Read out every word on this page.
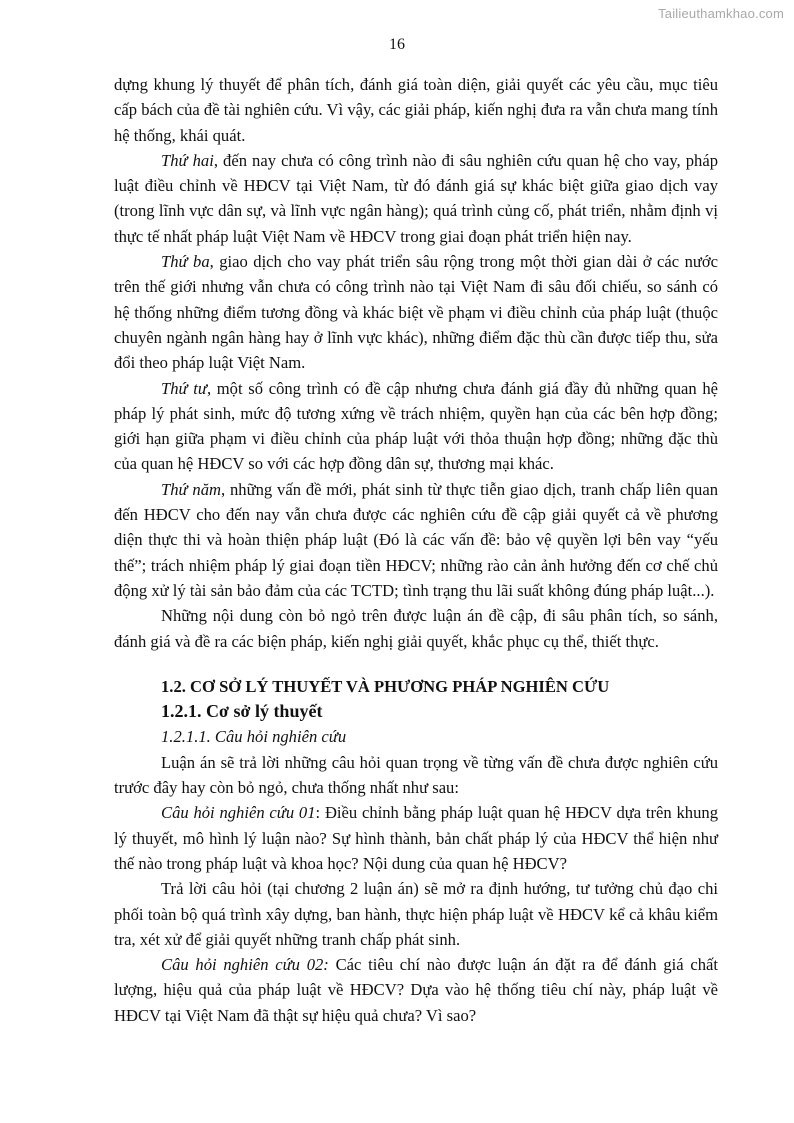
Tailieuthamkhao.com
16

dựng khung lý thuyết để phân tích, đánh giá toàn diện, giải quyết các yêu cầu, mục tiêu cấp bách của đề tài nghiên cứu. Vì vậy, các giải pháp, kiến nghị đưa ra vẫn chưa mang tính hệ thống, khái quát.

Thứ hai, đến nay chưa có công trình nào đi sâu nghiên cứu quan hệ cho vay, pháp luật điều chỉnh về HĐCV tại Việt Nam, từ đó đánh giá sự khác biệt giữa giao dịch vay (trong lĩnh vực dân sự, và lĩnh vực ngân hàng); quá trình củng cố, phát triển, nhằm định vị thực tế nhất pháp luật Việt Nam về HĐCV trong giai đoạn phát triển hiện nay.

Thứ ba, giao dịch cho vay phát triển sâu rộng trong một thời gian dài ở các nước trên thế giới nhưng vẫn chưa có công trình nào tại Việt Nam đi sâu đối chiếu, so sánh có hệ thống những điểm tương đồng và khác biệt về phạm vi điều chỉnh của pháp luật (thuộc chuyên ngành ngân hàng hay ở lĩnh vực khác), những điểm đặc thù cần được tiếp thu, sửa đổi theo pháp luật Việt Nam.

Thứ tư, một số công trình có đề cập nhưng chưa đánh giá đầy đủ những quan hệ pháp lý phát sinh, mức độ tương xứng về trách nhiệm, quyền hạn của các bên hợp đồng; giới hạn giữa phạm vi điều chỉnh của pháp luật với thỏa thuận hợp đồng; những đặc thù của quan hệ HĐCV so với các hợp đồng dân sự, thương mại khác.

Thứ năm, những vấn đề mới, phát sinh từ thực tiễn giao dịch, tranh chấp liên quan đến HĐCV cho đến nay vẫn chưa được các nghiên cứu đề cập giải quyết cả về phương diện thực thi và hoàn thiện pháp luật (Đó là các vấn đề: bảo vệ quyền lợi bên vay “yếu thế”; trách nhiệm pháp lý giai đoạn tiền HĐCV; những rào cản ảnh hưởng đến cơ chế chủ động xử lý tài sản bảo đảm của các TCTD; tình trạng thu lãi suất không đúng pháp luật...).

Những nội dung còn bỏ ngỏ trên được luận án đề cập, đi sâu phân tích, so sánh, đánh giá và đề ra các biện pháp, kiến nghị giải quyết, khắc phục cụ thể, thiết thực.

1.2. CƠ SỞ LÝ THUYẾT VÀ PHƯƠNG PHÁP NGHIÊN CỨU

1.2.1. Cơ sở lý thuyết

1.2.1.1. Câu hỏi nghiên cứu

Luận án sẽ trả lời những câu hỏi quan trọng về từng vấn đề chưa được nghiên cứu trước đây hay còn bỏ ngỏ, chưa thống nhất như sau:

Câu hỏi nghiên cứu 01: Điều chỉnh bằng pháp luật quan hệ HĐCV dựa trên khung lý thuyết, mô hình lý luận nào? Sự hình thành, bản chất pháp lý của HĐCV thể hiện như thế nào trong pháp luật và khoa học? Nội dung của quan hệ HĐCV?

Trả lời câu hỏi (tại chương 2 luận án) sẽ mở ra định hướng, tư tưởng chủ đạo chi phối toàn bộ quá trình xây dựng, ban hành, thực hiện pháp luật về HĐCV kể cả khâu kiểm tra, xét xử để giải quyết những tranh chấp phát sinh.

Câu hỏi nghiên cứu 02: Các tiêu chí nào được luận án đặt ra để đánh giá chất lượng, hiệu quả của pháp luật về HĐCV? Dựa vào hệ thống tiêu chí này, pháp luật về HĐCV tại Việt Nam đã thật sự hiệu quả chưa? Vì sao?
